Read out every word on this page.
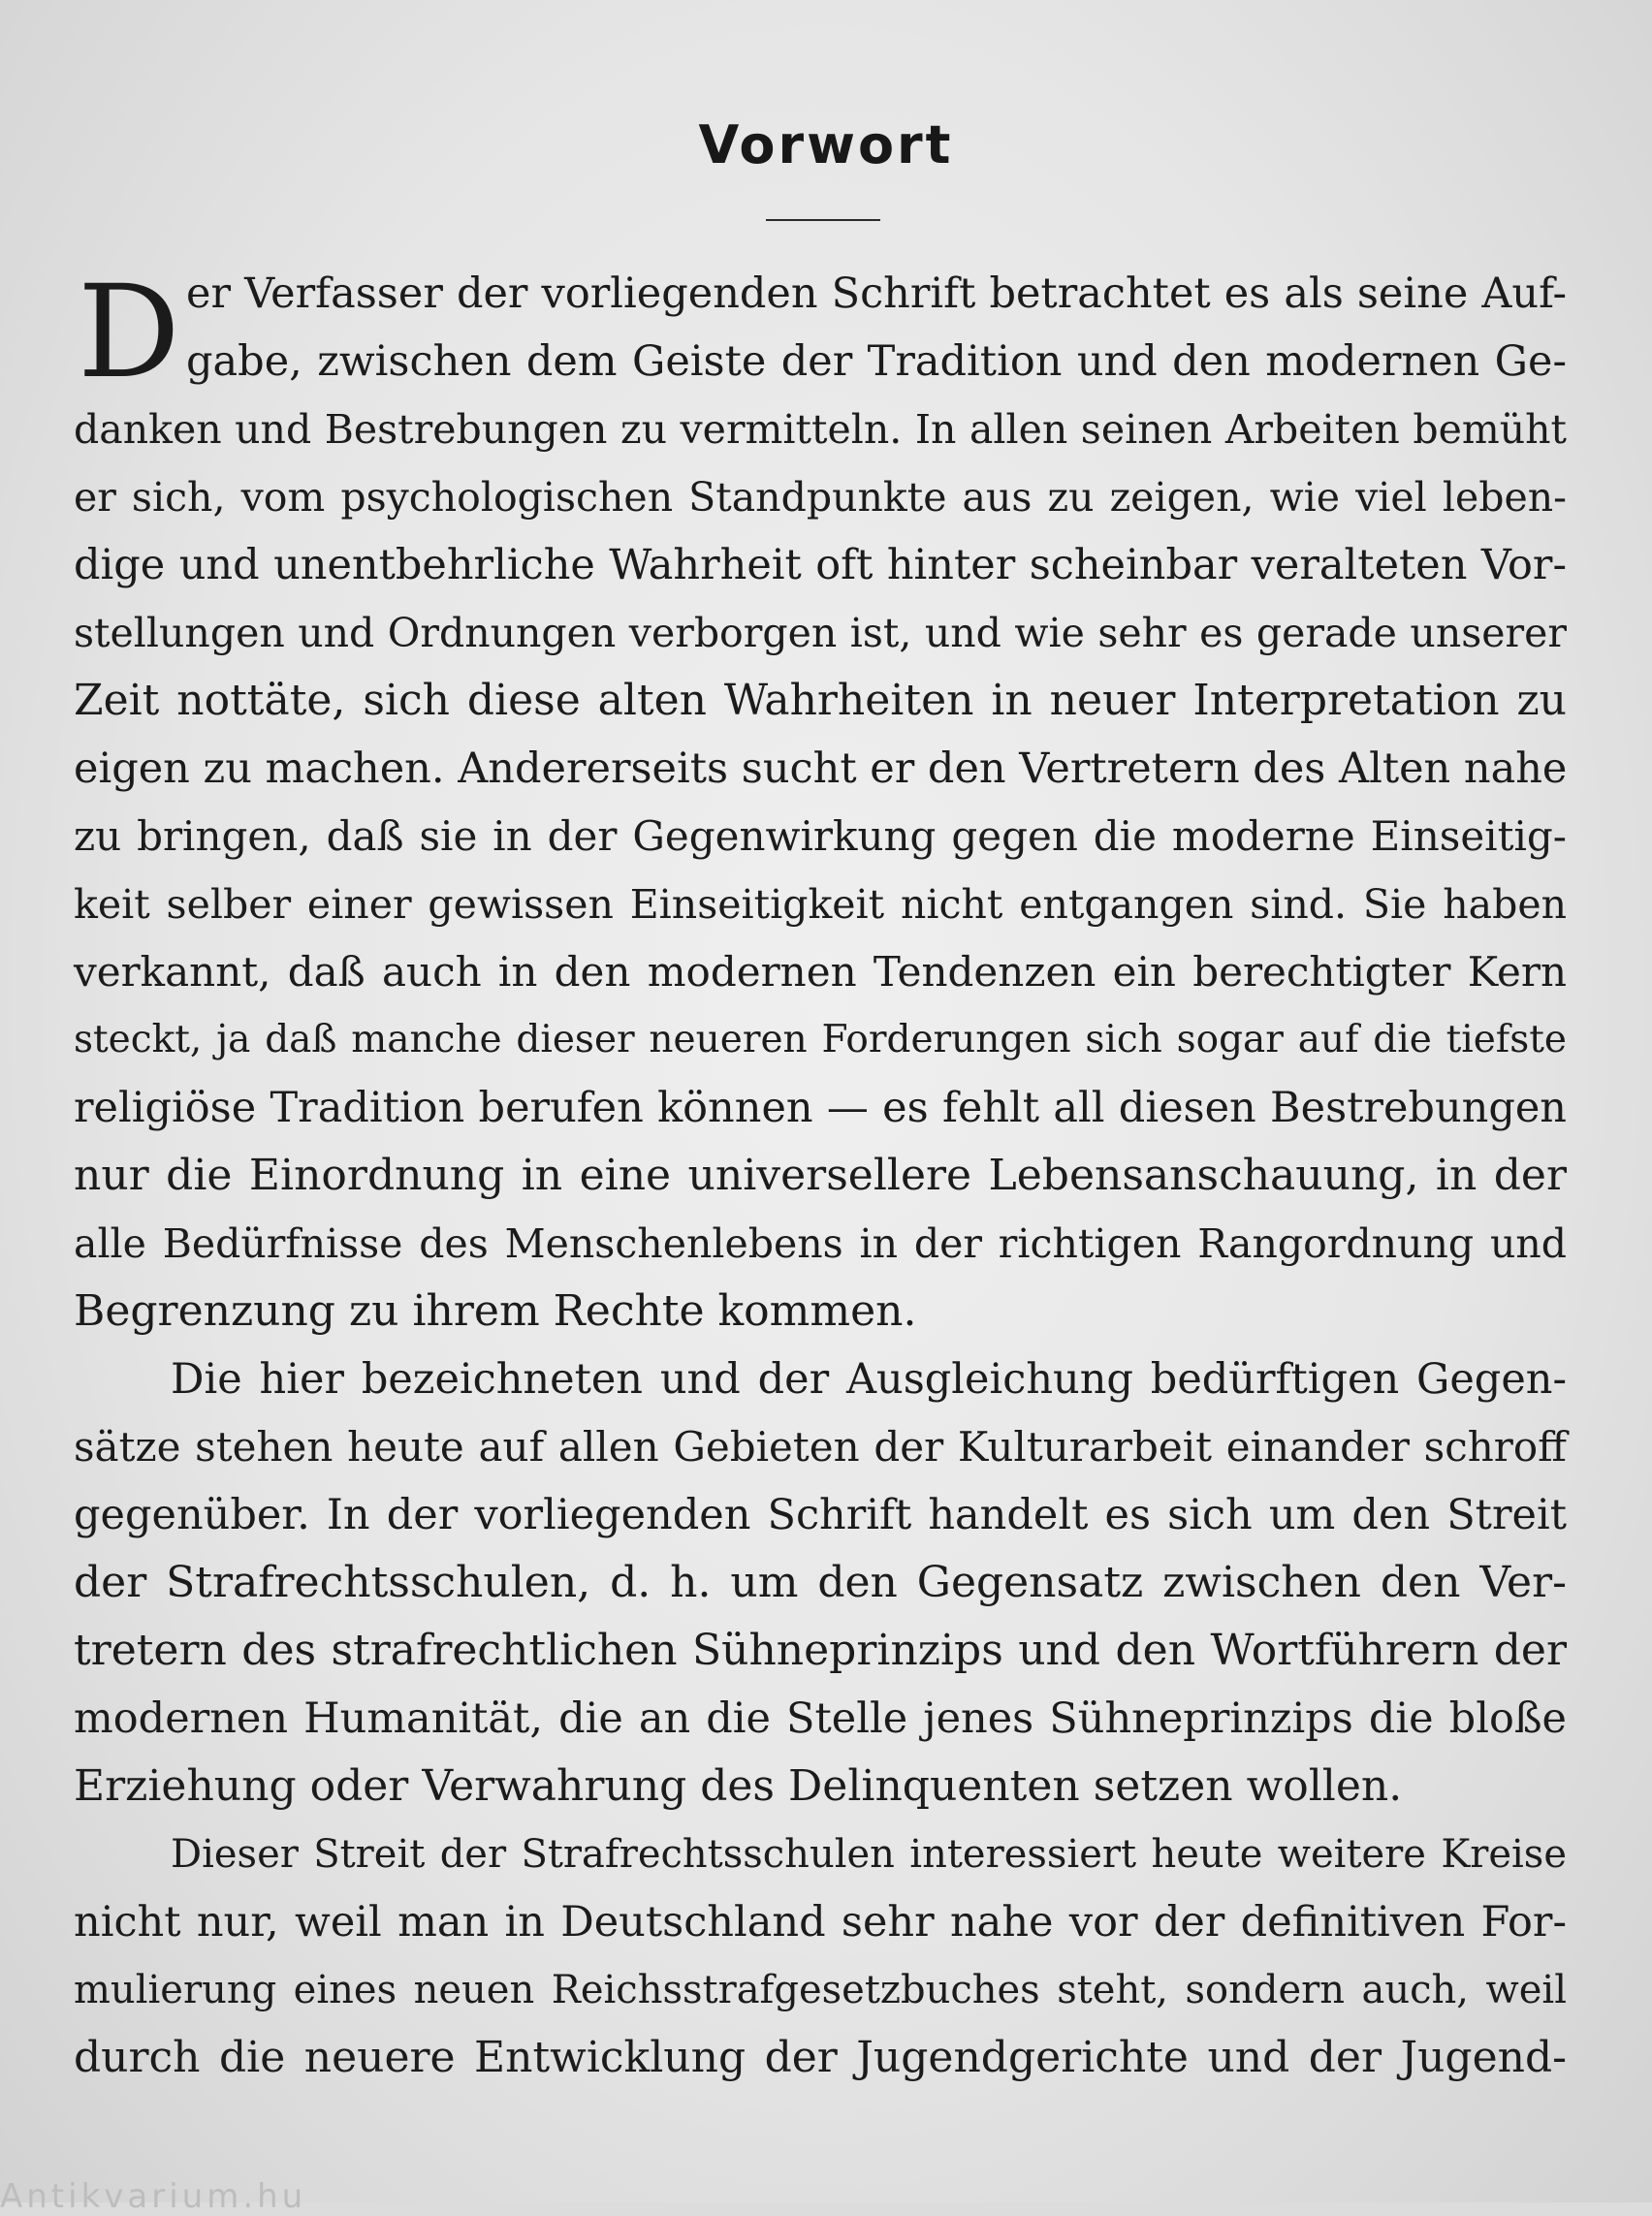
Vorwort
D er Verfasser der vorliegenden Schrift betrachtet es als seine Auf-
gabe, zwischen dem Geiste der Tradition und den modernen Ge-
danken und Bestrebungen zu vermitteln. In allen seinen Arbeiten bemüht
er sich, vom psychologischen Standpunkte aus zu zeigen, wie viel leben-
dige und unentbehrliche Wahrheit oft hinter scheinbar veralteten Vor-
stellungen und Ordnungen verborgen ist, und wie sehr es gerade unserer
Zeit nottäte, sich diese alten Wahrheiten in neuer Interpretation zu
eigen zu machen. Andererseits sucht er den Vertretern des Alten nahe
zu bringen, daß sie in der Gegenwirkung gegen die moderne Einseitig-
keit selber einer gewissen Einseitigkeit nicht entgangen sind. Sie haben
verkannt, daß auch in den modernen Tendenzen ein berechtigter Kern
steckt, ja daß manche dieser neueren Forderungen sich sogar auf die tiefste
religiöse Tradition berufen können — es fehlt all diesen Bestrebungen
nur die Einordnung in eine universellere Lebensanschauung, in der
alle Bedürfnisse des Menschenlebens in der richtigen Rangordnung und
Begrenzung zu ihrem Rechte kommen.
Die hier bezeichneten und der Ausgleichung bedürftigen Gegen-
sätze stehen heute auf allen Gebieten der Kulturarbeit einander schroff
gegenüber. In der vorliegenden Schrift handelt es sich um den Streit
der Strafrechtsschulen, d. h. um den Gegensatz zwischen den Ver-
tretern des strafrechtlichen Sühneprinzips und den Wortführern der
modernen Humanität, die an die Stelle jenes Sühneprinzips die bloße
Erziehung oder Verwahrung des Delinquenten setzen wollen.
Dieser Streit der Strafrechtsschulen interessiert heute weitere Kreise
nicht nur, weil man in Deutschland sehr nahe vor der definitiven For-
mulierung eines neuen Reichsstrafgesetzbuches steht, sondern auch, weil
durch die neuere Entwicklung der Jugendgerichte und der Jugend-
Antikvarium.hu
